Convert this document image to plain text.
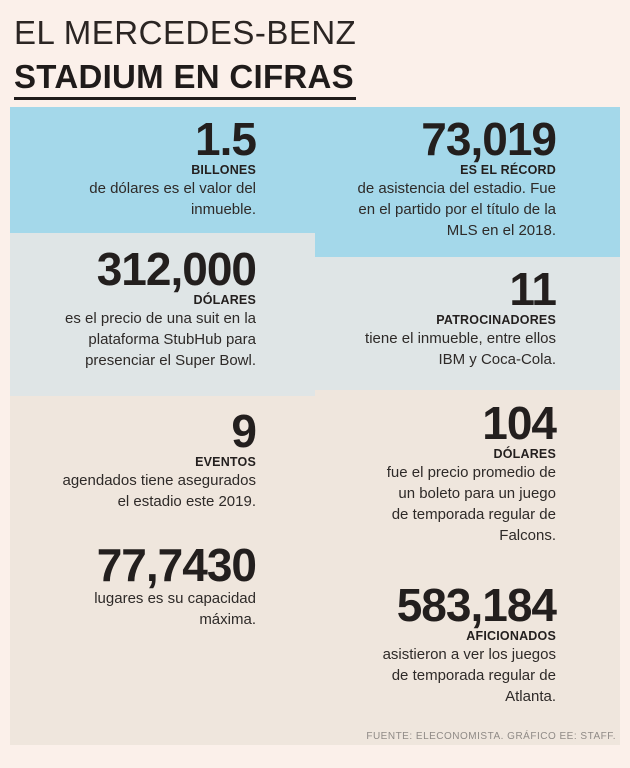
EL MERCEDES-BENZ
STADIUM EN CIFRAS
1.5
BILLONES
de dólares es el valor del
inmueble.
312,000
DÓLARES
es el precio de una suit en la
plataforma StubHub para
presenciar el Super Bowl.
9
EVENTOS
agendados tiene asegurados
el estadio este 2019.
77,7430
lugares es su capacidad
máxima.
73,019
ES EL RÉCORD
de asistencia del estadio. Fue
en el partido por el título de la
MLS en el 2018.
11
PATROCINADORES
tiene el inmueble, entre ellos
IBM y Coca-Cola.
104
DÓLARES
fue el precio promedio de
un boleto para un juego
de temporada regular de
Falcons.
583,184
AFICIONADOS
asistieron a ver los juegos
de temporada regular de
Atlanta.
FUENTE: ELECONOMISTA. GRÁFICO EE: STAFF.
